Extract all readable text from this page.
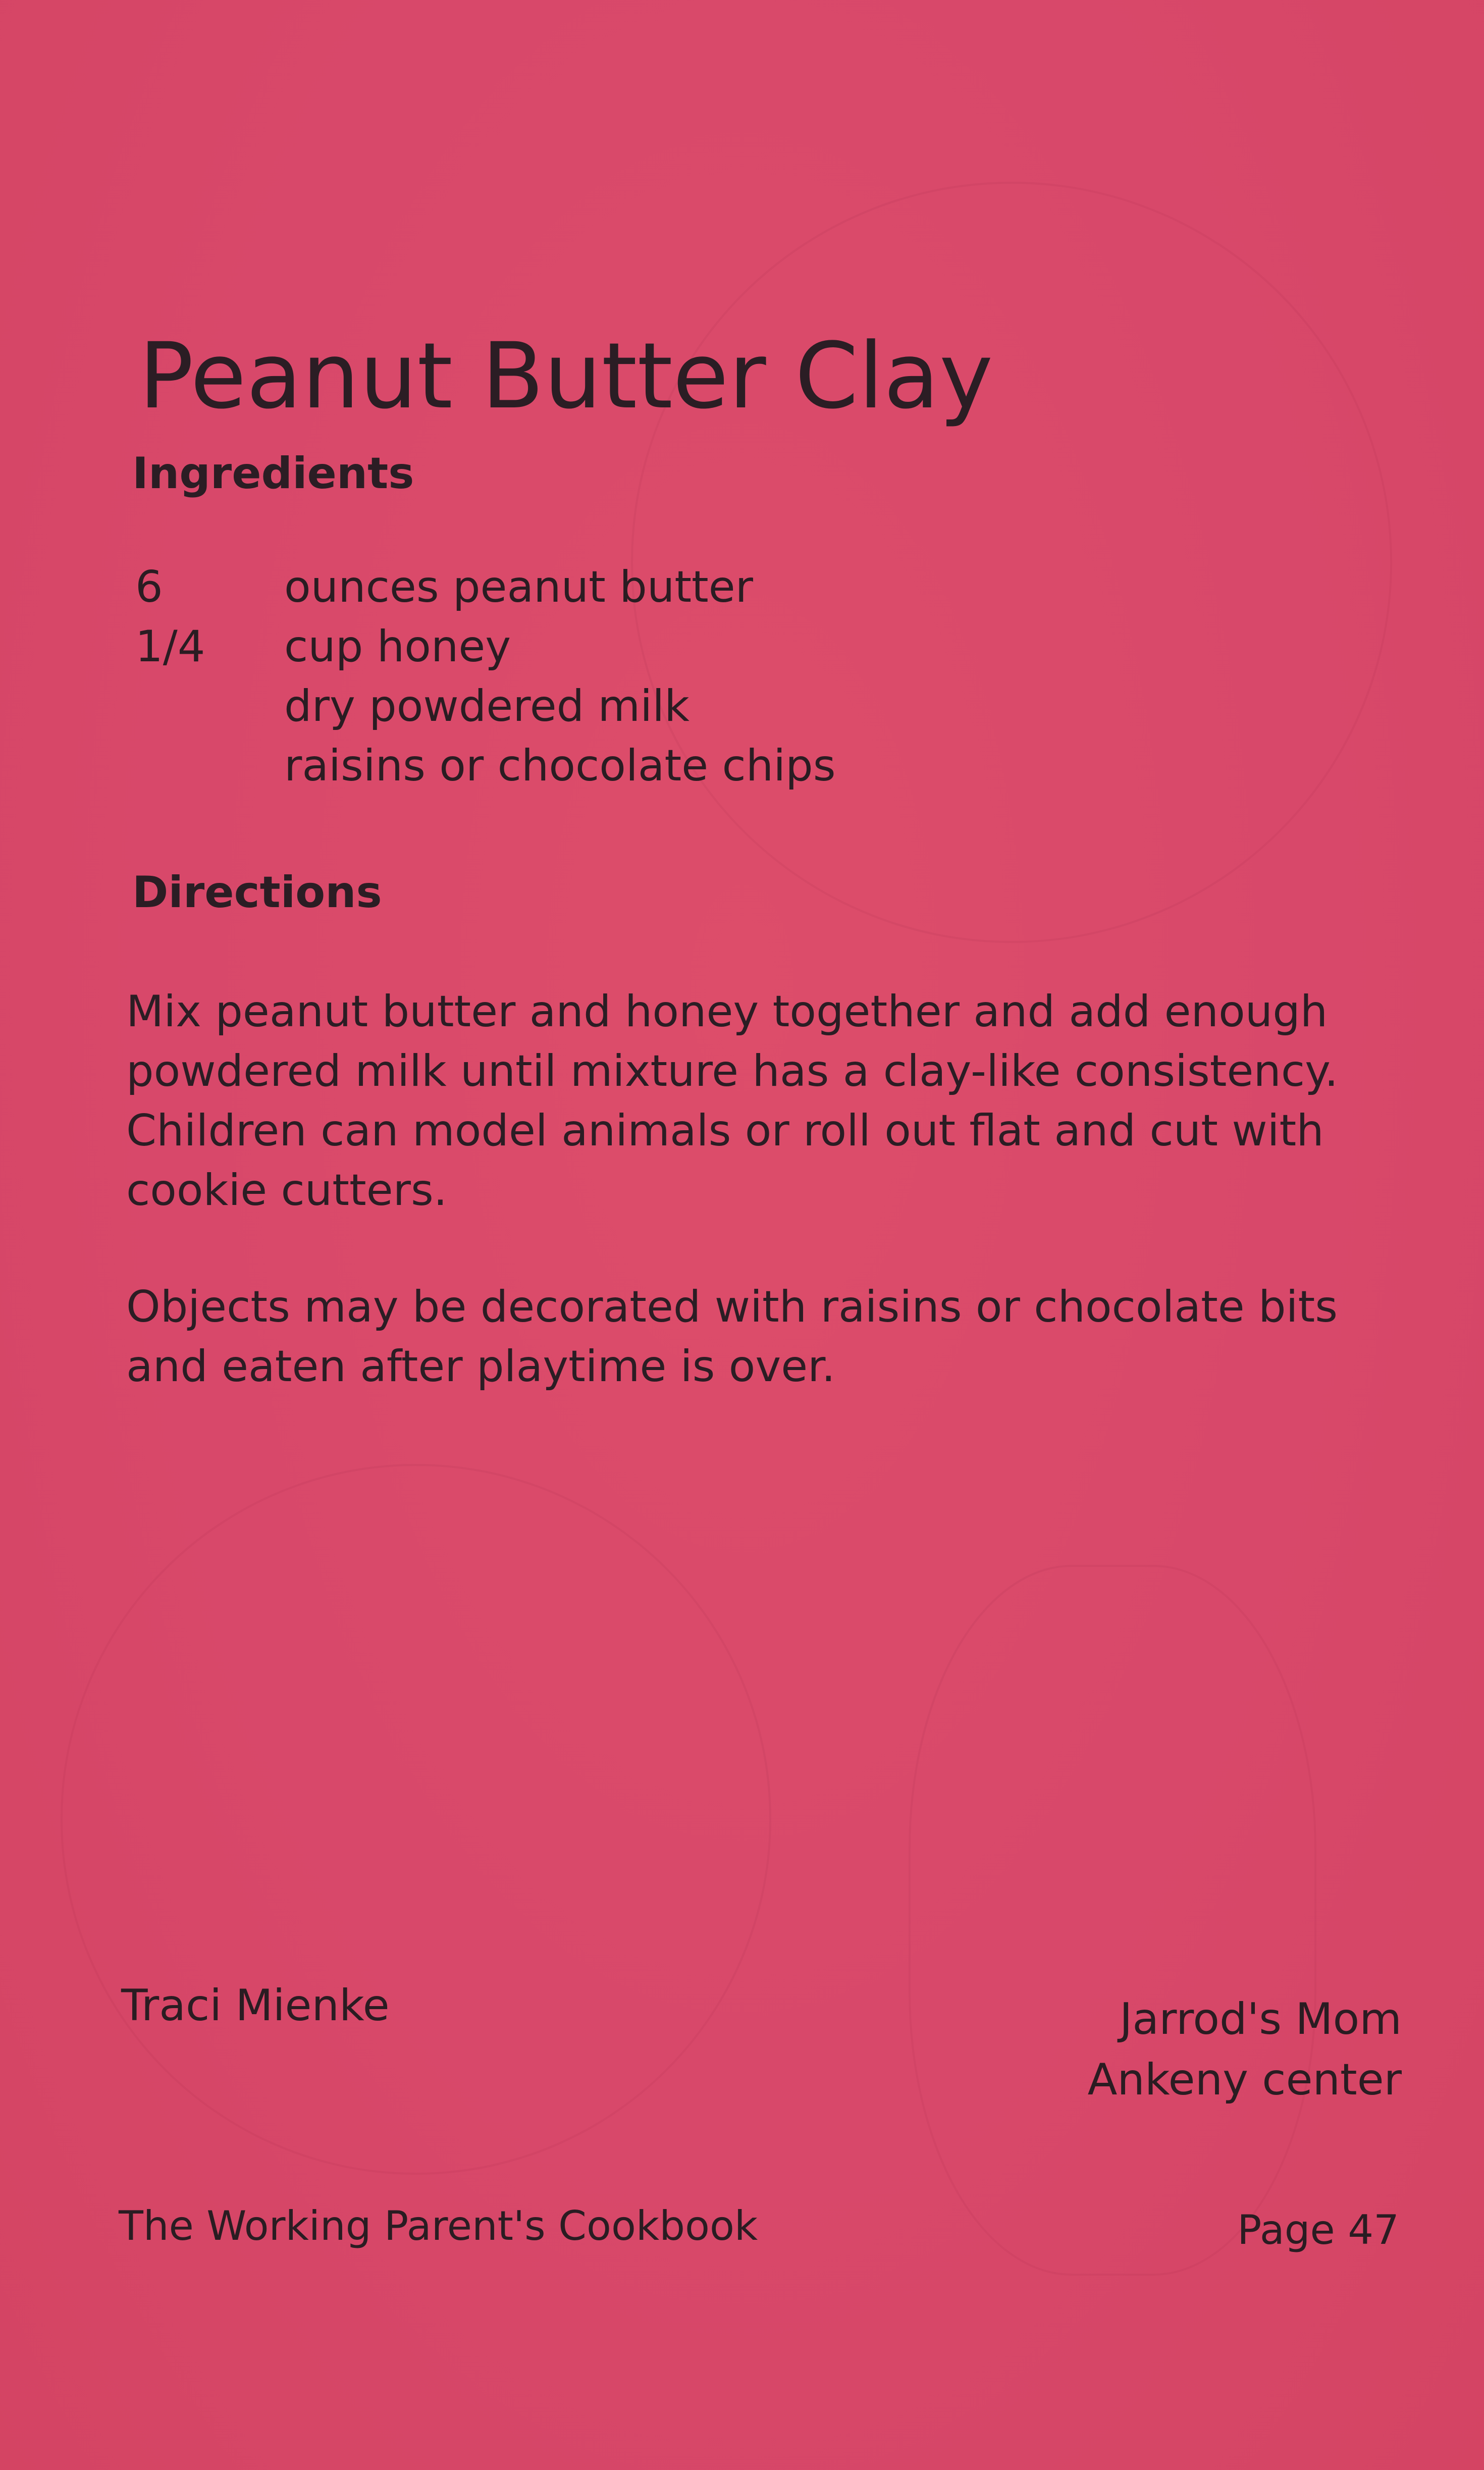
Peanut Butter Clay
Ingredients
6	ounces peanut butter
1/4	cup honey
dry powdered milk
raisins or chocolate chips
Directions
Mix peanut butter and honey together and add enough
powdered milk until mixture has a clay-like consistency.
Children can model animals or roll out flat and cut with
cookie cutters.
Objects may be decorated with raisins or chocolate bits
and eaten after playtime is over.
Traci Mienke	Jarrod's Mom
Ankeny center
The Working Parent's Cookbook	Page 47
